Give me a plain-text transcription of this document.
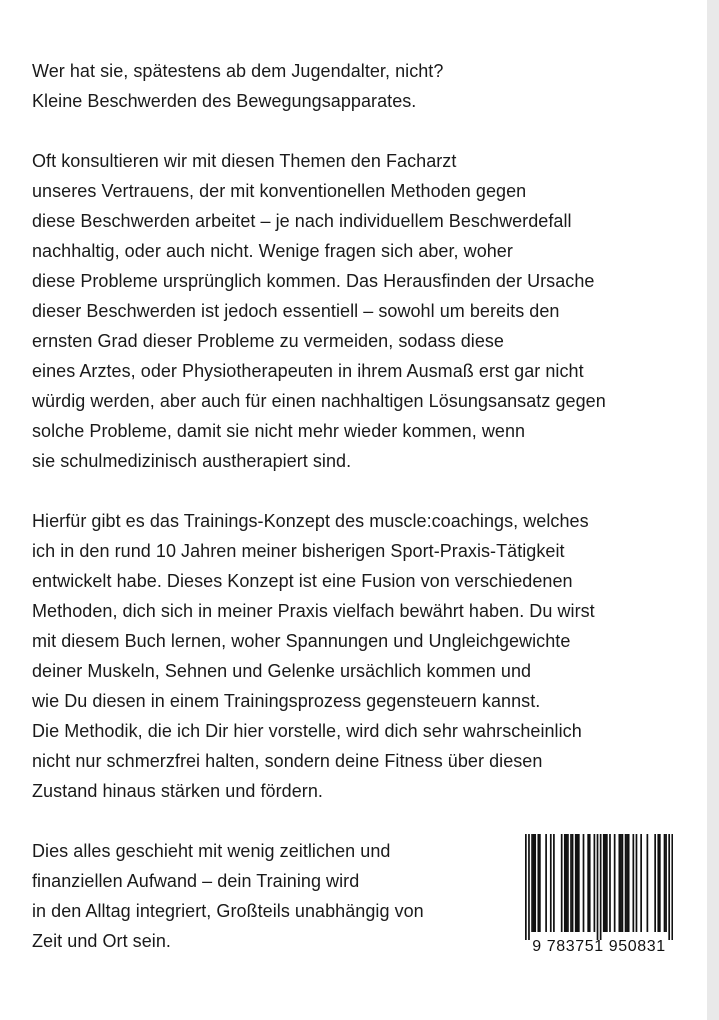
Wer hat sie, spätestens ab dem Jugendalter, nicht?
Kleine Beschwerden des Bewegungsapparates.

Oft konsultieren wir mit diesen Themen den Facharzt
unseres Vertrauens, der mit konventionellen Methoden gegen
diese Beschwerden arbeitet – je nach individuellem Beschwerdefall
nachhaltig, oder auch nicht. Wenige fragen sich aber, woher
diese Probleme ursprünglich kommen. Das Herausfinden der Ursache
dieser Beschwerden ist jedoch essentiell – sowohl um bereits den
ernsten Grad dieser Probleme zu vermeiden, sodass diese
eines Arztes, oder Physiotherapeuten in ihrem Ausmaß erst gar nicht
würdig werden, aber auch für einen nachhaltigen Lösungsansatz gegen
solche Probleme, damit sie nicht mehr wieder kommen, wenn
sie schulmedizinisch austherapiert sind.

Hierfür gibt es das Trainings-Konzept des muscle:coachings, welches
ich in den rund 10 Jahren meiner bisherigen Sport-Praxis-Tätigkeit
entwickelt habe. Dieses Konzept ist eine Fusion von verschiedenen
Methoden, dich sich in meiner Praxis vielfach bewährt haben. Du wirst
mit diesem Buch lernen, woher Spannungen und Ungleichgewichte
deiner Muskeln, Sehnen und Gelenke ursächlich kommen und
wie Du diesen in einem Trainingsprozess gegensteuern kannst.
Die Methodik, die ich Dir hier vorstelle, wird dich sehr wahrscheinlich
nicht nur schmerzfrei halten, sondern deine Fitness über diesen
Zustand hinaus stärken und fördern.

Dies alles geschieht mit wenig zeitlichen und
finanziellen Aufwand – dein Training wird
in den Alltag integriert, Großteils unabhängig von
Zeit und Ort sein.	9 783751 950831
